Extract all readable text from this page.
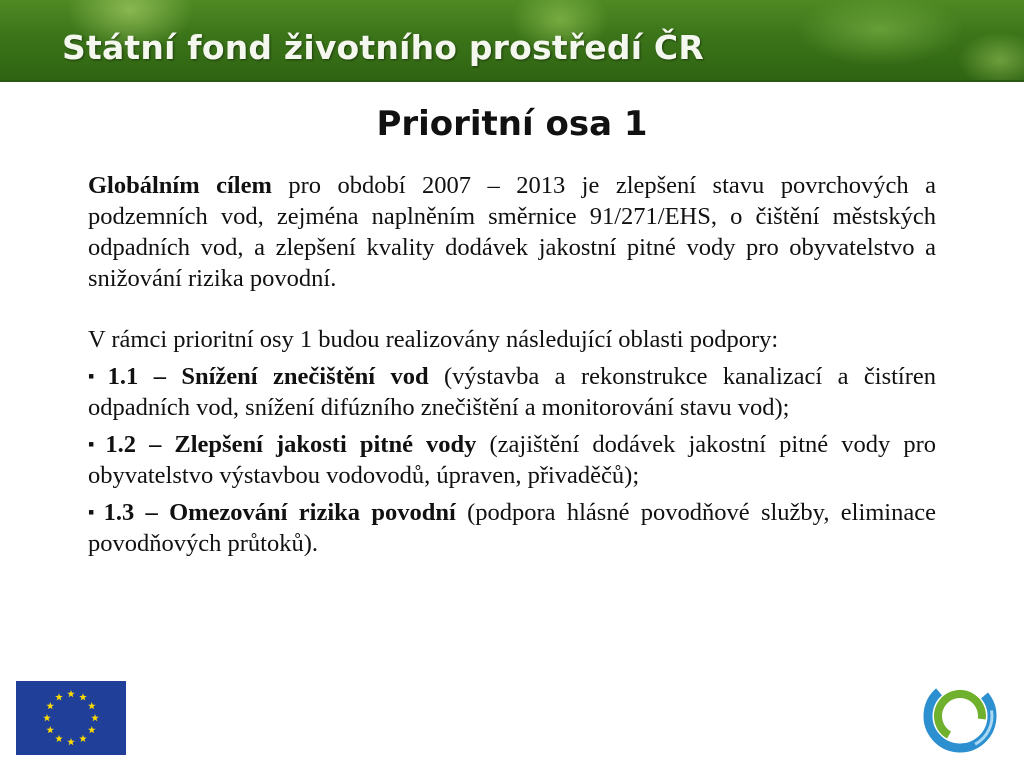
Státní fond životního prostředí ČR
Prioritní osa 1

Globálním cílem pro období 2007 – 2013 je zlepšení stavu povrchových a podzemních vod, zejména naplněním směrnice 91/271/EHS, o čištění městských odpadních vod, a zlepšení kvality dodávek jakostní pitné vody pro obyvatelstvo a snižování rizika povodní.

V rámci prioritní osy 1 budou realizovány následující oblasti podpory:

▪ 1.1 – Snížení znečištění vod (výstavba a rekonstrukce kanalizací a čistíren odpadních vod, snížení difúzního znečištění a monitorování stavu vod);

▪ 1.2 – Zlepšení jakosti pitné vody (zajištění dodávek jakostní pitné vody pro obyvatelstvo výstavbou vodovodů, úpraven, přivaděčů);

▪ 1.3 – Omezování rizika povodní (podpora hlásné povodňové služby, eliminace povodňových průtoků).
